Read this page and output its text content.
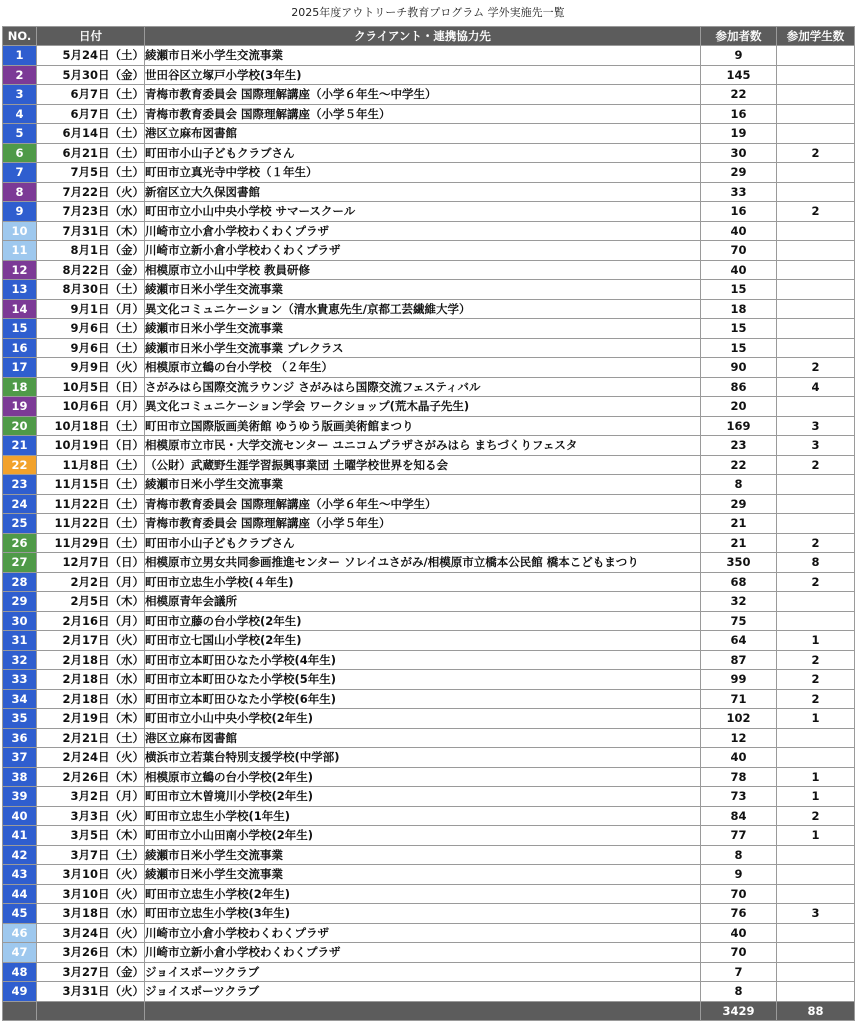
2025年度アウトリーチ教育プログラム 学外実施先一覧
NO.	日付	クライアント・連携協力先	参加者数	参加学生数
1	5月24日（土）	綾瀬市日米小学生交流事業	9	
2	5月30日（金）	世田谷区立塚戸小学校(3年生)	145	
3	6月7日（土）	青梅市教育委員会 国際理解講座（小学６年生〜中学生）	22	
4	6月7日（土）	青梅市教育委員会 国際理解講座（小学５年生）	16	
5	6月14日（土）	港区立麻布図書館	19	
6	6月21日（土）	町田市小山子どもクラブさん	30	2
7	7月5日（土）	町田市立真光寺中学校（１年生）	29	
8	7月22日（火）	新宿区立大久保図書館	33	
9	7月23日（水）	町田市立小山中央小学校 サマースクール	16	2
10	7月31日（木）	川崎市立小倉小学校わくわくプラザ	40	
11	8月1日（金）	川崎市立新小倉小学校わくわくプラザ	70	
12	8月22日（金）	相模原市立小山中学校 教員研修	40	
13	8月30日（土）	綾瀬市日米小学生交流事業	15	
14	9月1日（月）	異文化コミュニケーション（清水貴恵先生/京都工芸繊維大学）	18	
15	9月6日（土）	綾瀬市日米小学生交流事業	15	
16	9月6日（土）	綾瀬市日米小学生交流事業 プレクラス	15	
17	9月9日（火）	相模原市立鶴の台小学校 （２年生）	90	2
18	10月5日（日）	さがみはら国際交流ラウンジ さがみはら国際交流フェスティバル	86	4
19	10月6日（月）	異文化コミュニケーション学会 ワークショップ(荒木晶子先生)	20	
20	10月18日（土）	町田市立国際版画美術館 ゆうゆう版画美術館まつり	169	3
21	10月19日（日）	相模原市立市民・大学交流センター ユニコムプラザさがみはら まちづくりフェスタ	23	3
22	11月8日（土）	（公財）武蔵野生涯学習振興事業団 土曜学校世界を知る会	22	2
23	11月15日（土）	綾瀬市日米小学生交流事業	8	
24	11月22日（土）	青梅市教育委員会 国際理解講座（小学６年生〜中学生）	29	
25	11月22日（土）	青梅市教育委員会 国際理解講座（小学５年生）	21	
26	11月29日（土）	町田市小山子どもクラブさん	21	2
27	12月7日（日）	相模原市立男女共同参画推進センター ソレイユさがみ/相模原市立橋本公民館 橋本こどもまつり	350	8
28	2月2日（月）	町田市立忠生小学校(４年生)	68	2
29	2月5日（木）	相模原青年会議所	32	
30	2月16日（月）	町田市立藤の台小学校(2年生)	75	
31	2月17日（火）	町田市立七国山小学校(2年生)	64	1
32	2月18日（水）	町田市立本町田ひなた小学校(4年生)	87	2
33	2月18日（水）	町田市立本町田ひなた小学校(5年生)	99	2
34	2月18日（水）	町田市立本町田ひなた小学校(6年生)	71	2
35	2月19日（木）	町田市立小山中央小学校(2年生)	102	1
36	2月21日（土）	港区立麻布図書館	12	
37	2月24日（火）	横浜市立若葉台特別支援学校(中学部)	40	
38	2月26日（木）	相模原市立鶴の台小学校(2年生)	78	1
39	3月2日（月）	町田市立木曽境川小学校(2年生)	73	1
40	3月3日（火）	町田市立忠生小学校(1年生)	84	2
41	3月5日（木）	町田市立小山田南小学校(2年生)	77	1
42	3月7日（土）	綾瀬市日米小学生交流事業	8	
43	3月10日（火）	綾瀬市日米小学生交流事業	9	
44	3月10日（火）	町田市立忠生小学校(2年生)	70	
45	3月18日（水）	町田市立忠生小学校(3年生)	76	3
46	3月24日（火）	川崎市立小倉小学校わくわくプラザ	40	
47	3月26日（木）	川崎市立新小倉小学校わくわくプラザ	70	
48	3月27日（金）	ジョイスポーツクラブ	7	
49	3月31日（火）	ジョイスポーツクラブ	8	
			3429	88
